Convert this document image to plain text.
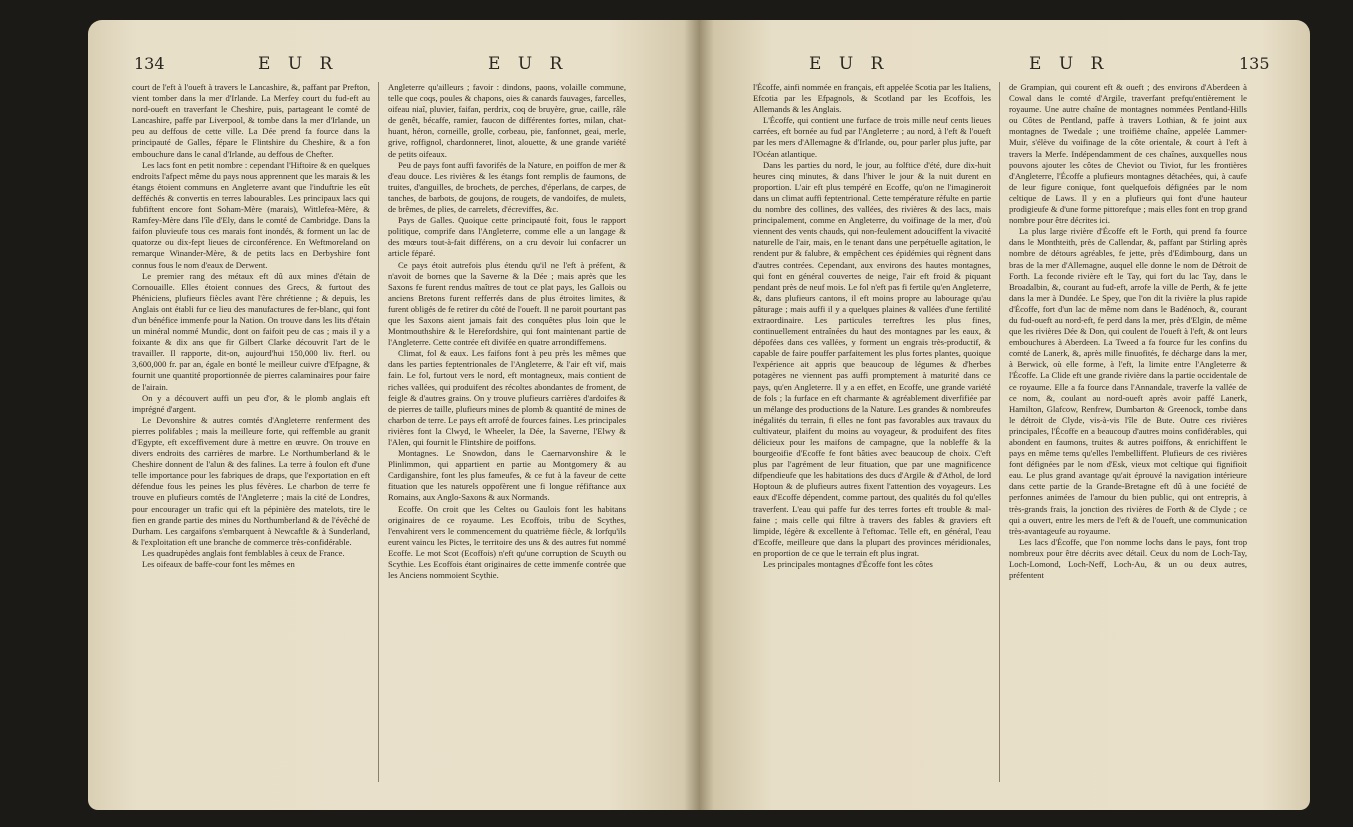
134	E U R	E U R

court de l'eft à l'oueft à travers le Lancashire, &, paffant par Prefton, vient tomber dans la mer d'Irlande. La Merfey court du fud-eft au nord-oueft en traverfant le Cheshire, puis, partageant le comté de Lancashire, paffe par Liverpool, & tombe dans la mer d'Irlande, un peu au deffous de cette ville. La Dée prend fa fource dans la principauté de Galles, fépare le Flintshire du Cheshire, & a fon embouchure dans le canal d'Irlande, au deffous de Chefter.

Les lacs font en petit nombre : cependant l'Hiftoire & en quelques endroits l'afpect même du pays nous apprennent que les marais & les étangs étoient communs en Angleterre avant que l'induftrie les eût defféchés & convertis en terres labourables. Les principaux lacs qui fubfiftent encore font Soham-Mère (marais), Wittlefea-Mère, & Ramfey-Mère dans l'île d'Ely, dans le comté de Cambridge. Dans la faifon pluvieufe tous ces marais font inondés, & forment un lac de quatorze ou dix-fept lieues de circonférence. En Weftmoreland on remarque Winander-Mère, & de petits lacs en Derbyshire font connus fous le nom d'eaux de Derwent.

Le premier rang des métaux eft dû aux mines d'étain de Cornouaille. Elles étoient connues des Grecs, & furtout des Phéniciens, plufieurs fiècles avant l'ère chrétienne ; & depuis, les Anglais ont établi fur ce lieu des manufactures de fer-blanc, qui font d'un bénéfice immenfe pour la Nation. On trouve dans les lits d'étain un minéral nommé Mundic, dont on faifoit peu de cas ; mais il y a foixante & dix ans que fir Gilbert Clarke découvrit l'art de le travailler. Il rapporte, dit-on, aujourd'hui 150,000 liv. fterl. ou 3,600,000 fr. par an, égale en bonté le meilleur cuivre d'Efpagne, & fournit une quantité proportionnée de pierres calaminaires pour faire de l'airain.

On y a découvert auffi un peu d'or, & le plomb anglais eft imprégné d'argent.

Le Devonshire & autres comtés d'Angleterre renferment des pierres polifables ; mais la meilleure forte, qui reffemble au granit d'Egypte, eft exceffivement dure à mettre en œuvre. On trouve en divers endroits des carrières de marbre. Le Northumberland & le Cheshire donnent de l'alun & des falines. La terre à foulon eft d'une telle importance pour les fabriques de draps, que l'exportation en eft défendue fous les peines les plus févères. Le charbon de terre fe trouve en plufieurs comtés de l'Angleterre ; mais la cité de Londres, pour encourager un trafic qui eft la pépinière des matelots, tire le fien en grande partie des mines du Northumberland & de l'évêché de Durham. Les cargaifons s'embarquent à Newcaftle & à Sunderland, & l'exploitation eft une branche de commerce très-confidérable.

Les quadrupèdes anglais font femblables à ceux de France.

Les oifeaux de baffe-cour font les mêmes en

Angleterre qu'ailleurs ; favoir : dindons, paons, volaille commune, telle que coqs, poules & chapons, oies & canards fauvages, farcelles, oifeau niaî, pluvier, faifan, perdrix, coq de bruyère, grue, caille, râle de genêt, bécaffe, ramier, faucon de différentes fortes, milan, chat-huant, héron, corneille, grolle, corbeau, pie, fanfonnet, geai, merle, grive, roffignol, chardonneret, linot, alouette, & une grande variété de petits oifeaux.

Peu de pays font auffi favorifés de la Nature, en poiffon de mer & d'eau douce. Les rivières & les étangs font remplis de faumons, de truites, d'anguilles, de brochets, de perches, d'éperlans, de carpes, de tanches, de barbots, de goujons, de rougets, de vandoifes, de mulets, de brêmes, de plies, de carrelets, d'écreviffes, &c.

Pays de Galles. Quoique cette principauté foit, fous le rapport politique, comprife dans l'Angleterre, comme elle a un langage & des mœurs tout-à-fait différens, on a cru devoir lui confacrer un article féparé.

Ce pays étoit autrefois plus étendu qu'il ne l'eft à préfent, & n'avoit de bornes que la Saverne & la Dée ; mais après que les Saxons fe furent rendus maîtres de tout ce plat pays, les Gallois ou anciens Bretons furent refferrés dans de plus étroites limites, & furent obligés de fe retirer du côté de l'oueft. Il ne paroit pourtant pas que les Saxons aient jamais fait des conquêtes plus loin que le Montmouthshire & le Herefordshire, qui font maintenant partie de l'Angleterre. Cette contrée eft divifée en quatre arrondiffemens.

Climat, fol & eaux. Les faifons font à peu près les mêmes que dans les parties feptentrionales de l'Angleterre, & l'air eft vif, mais fain. Le fol, furtout vers le nord, eft montagneux, mais contient de riches vallées, qui produifent des récoltes abondantes de froment, de feigle & d'autres grains. On y trouve plufieurs carrières d'ardoifes & de pierres de taille, plufieurs mines de plomb & quantité de mines de charbon de terre. Le pays eft arrofé de fources faines. Les principales rivières font la Clwyd, le Wheeler, la Dée, la Saverne, l'Elwy & l'Alen, qui fournit le Flintshire de poiffons.

Montagnes. Le Snowdon, dans le Caernarvonshire & le Plinlimmon, qui appartient en partie au Montgomery & au Cardiganshire, font les plus fameufes, & ce fut à la faveur de cette fituation que les naturels oppofèrent une fi longue réfiftance aux Romains, aux Anglo-Saxons & aux Normands.

Ecoffe. On croit que les Celtes ou Gaulois font les habitans originaires de ce royaume. Les Ecoffois, tribu de Scythes, l'envahirent vers le commencement du quatrième fiècle, & lorfqu'ils eurent vaincu les Pictes, le territoire des uns & des autres fut nommé Ecoffe. Le mot Scot (Ecoffois) n'eft qu'une corruption de Scuyth ou Scythie. Les Ecoffois étant originaires de cette immenfe contrée que les Anciens nommoient Scythie.

E U R	E U R	135

l'Écoffe, ainfi nommée en français, eft appelée Scotia par les Italiens, Efcotia par les Efpagnols, & Scotland par les Ecoffois, les Allemands & les Anglais.

L'Écoffe, qui contient une furface de trois mille neuf cents lieues carrées, eft bornée au fud par l'Angleterre ; au nord, à l'eft & l'oueft par les mers d'Allemagne & d'Irlande, ou, pour parler plus jufte, par l'Océan atlantique.

Dans les parties du nord, le jour, au folftice d'été, dure dix-huit heures cinq minutes, & dans l'hiver le jour & la nuit durent en proportion. L'air eft plus tempéré en Ecoffe, qu'on ne l'imagineroit dans un climat auffi feptentrional. Cette température réfulte en partie du nombre des collines, des vallées, des rivières & des lacs, mais principalement, comme en Angleterre, du voifinage de la mer, d'où viennent des vents chauds, qui non-feulement adouciffent la vivacité naturelle de l'air, mais, en le tenant dans une perpétuelle agitation, le rendent pur & falubre, & empêchent ces épidémies qui règnent dans d'autres contrées. Cependant, aux environs des hautes montagnes, qui font en général couvertes de neige, l'air eft froid & piquant pendant près de neuf mois. Le fol n'eft pas fi fertile qu'en Angleterre, &, dans plufieurs cantons, il eft moins propre au labourage qu'au pâturage ; mais auffi il y a quelques plaines & vallées d'une fertilité extraordinaire. Les particules terreftres les plus fines, continuellement entraînées du haut des montagnes par les eaux, & dépofées dans ces vallées, y forment un engrais très-productif, & capable de faire pouffer parfaitement les plus fortes plantes, quoique l'expérience ait appris que beaucoup de légumes & d'herbes potagères ne viennent pas auffi promptement à maturité dans ce pays, qu'en Angleterre. Il y a en effet, en Ecoffe, une grande variété de fols ; la furface en eft charmante & agréablement diverfifiée par un mélange des productions de la Nature. Les grandes & nombreufes inégalités du terrain, fi elles ne font pas favorables aux travaux du cultivateur, plaifent du moins au voyageur, & produifent des fites délicieux pour les maifons de campagne, que la nobleffe & la bourgeoifie d'Ecoffe fe font bâties avec beaucoup de choix. C'eft plus par l'agrément de leur fituation, que par une magnificence difpendieufe que les habitations des ducs d'Argile & d'Athol, de lord Hoptoun & de plufieurs autres fixent l'attention des voyageurs. Les eaux d'Ecoffe dépendent, comme partout, des qualités du fol qu'elles traverfent. L'eau qui paffe fur des terres fortes eft trouble & mal-faine ; mais celle qui filtre à travers des fables & graviers eft limpide, légère & excellente à l'eftomac. Telle eft, en général, l'eau d'Ecoffe, meilleure que dans la plupart des provinces méridionales, en proportion de ce que le terrain eft plus ingrat.

Les principales montagnes d'Écoffe font les côtes

de Grampian, qui courent eft & oueft ; des environs d'Aberdeen à Cowal dans le comté d'Argile, traverfant prefqu'entièrement le royaume. Une autre chaîne de montagnes nommées Pentland-Hills ou Côtes de Pentland, paffe à travers Lothian, & fe joint aux montagnes de Twedale ; une troifième chaîne, appelée Lammer-Muir, s'élève du voifinage de la côte orientale, & court à l'eft à travers la Merfe. Indépendamment de ces chaînes, auxquelles nous pouvons ajouter les côtes de Cheviot ou Tiviot, fur les frontières d'Angleterre, l'Écoffe a plufieurs montagnes détachées, qui, à caufe de leur figure conique, font quelquefois défignées par le nom celtique de Laws. Il y en a plufieurs qui font d'une hauteur prodigieufe & d'une forme pittorefque ; mais elles font en trop grand nombre pour être décrites ici.

La plus large rivière d'Écoffe eft le Forth, qui prend fa fource dans le Monthteith, près de Callendar, &, paffant par Stirling après nombre de détours agréables, fe jette, près d'Edimbourg, dans un bras de la mer d'Allemagne, auquel elle donne le nom de Détroit de Forth. La feconde rivière eft le Tay, qui fort du lac Tay, dans le Broadalbin, &, courant au fud-eft, arrofe la ville de Perth, & fe jette dans la mer à Dundée. Le Spey, que l'on dit la rivière la plus rapide d'Écoffe, fort d'un lac de même nom dans le Badénoch, &, courant du fud-oueft au nord-eft, fe perd dans la mer, près d'Elgin, de même que les rivières Dée & Don, qui coulent de l'oueft à l'eft, & ont leurs embouchures à Aberdeen. La Tweed a fa fource fur les confins du comté de Lanerk, &, après mille finuofités, fe décharge dans la mer, à Berwick, où elle forme, à l'eft, la limite entre l'Angleterre & l'Écoffe. La Clide eft une grande rivière dans la partie occidentale de ce royaume. Elle a fa fource dans l'Annandale, traverfe la vallée de ce nom, &, coulant au nord-oueft après avoir paffé Lanerk, Hamilton, Glafcow, Renfrew, Dumbarton & Greenock, tombe dans le détroit de Clyde, vis-à-vis l'île de Bute. Outre ces rivières principales, l'Écoffe en a beaucoup d'autres moins confidérables, qui abondent en faumons, truites & autres poiffons, & enrichiffent le pays en même tems qu'elles l'embelliffent. Plufieurs de ces rivières font défignées par le nom d'Esk, vieux mot celtique qui fignifioit eau. Le plus grand avantage qu'ait éprouvé la navigation intérieure dans cette partie de la Grande-Bretagne eft dû à une fociété de perfonnes animées de l'amour du bien public, qui ont entrepris, à très-grands frais, la jonction des rivières de Forth & de Clyde ; ce qui a ouvert, entre les mers de l'eft & de l'oueft, une communication très-avantageufe au royaume.

Les lacs d'Écoffe, que l'on nomme lochs dans le pays, font trop nombreux pour être décrits avec détail. Ceux du nom de Loch-Tay, Loch-Lomond, Loch-Neff, Loch-Au, & un ou deux autres, préfentent
